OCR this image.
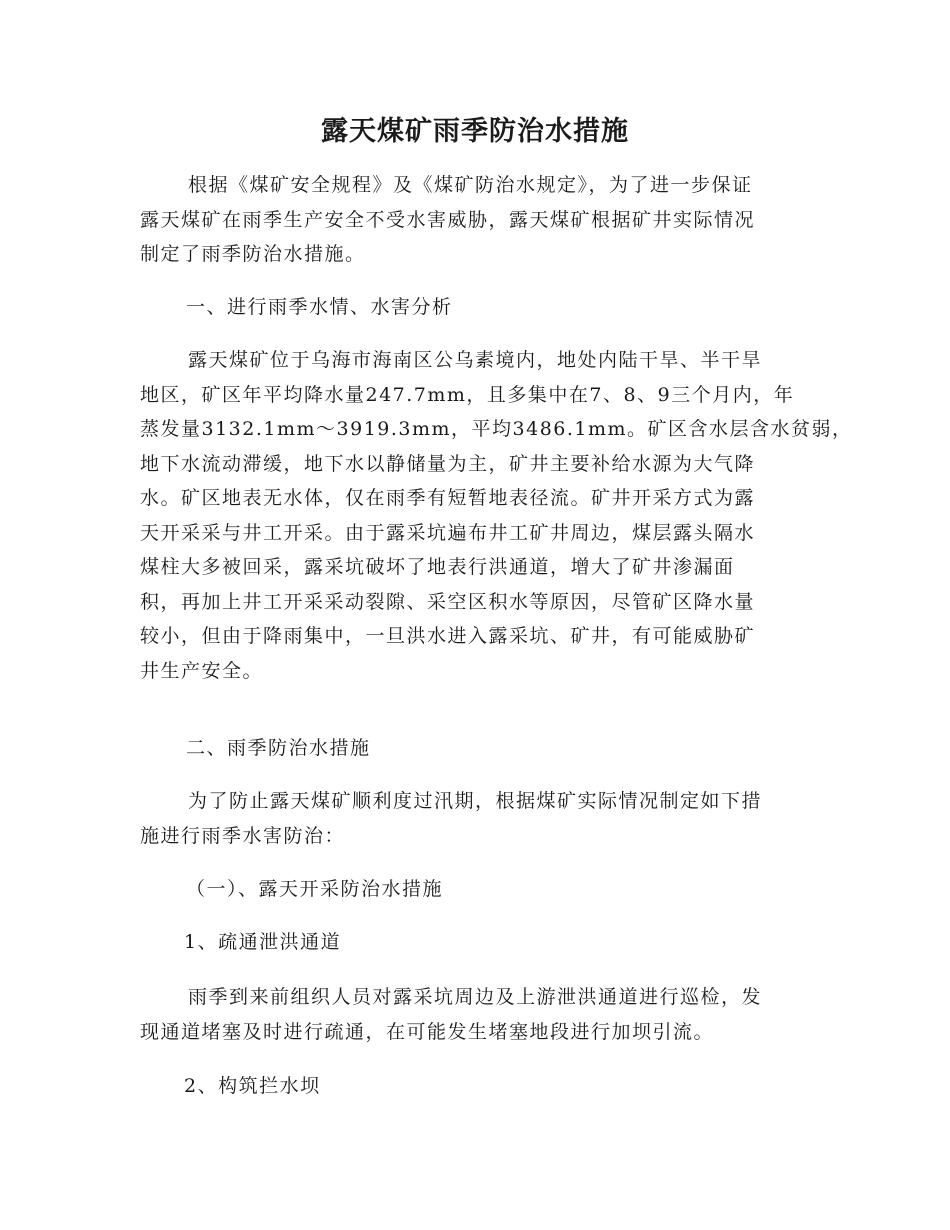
露天煤矿雨季防治水措施
根据《煤矿安全规程》及《煤矿防治水规定》，为了进一步保证
露天煤矿在雨季生产安全不受水害威胁，露天煤矿根据矿井实际情况
制定了雨季防治水措施。
一、进行雨季水情、水害分析
露天煤矿位于乌海市海南区公乌素境内，地处内陆干旱、半干旱
地区，矿区年平均降水量247.7mm，且多集中在7、8、9三个月内，年
蒸发量3132.1mm～3919.3mm，平均3486.1mm。矿区含水层含水贫弱，
地下水流动滞缓，地下水以静储量为主，矿井主要补给水源为大气降
水。矿区地表无水体，仅在雨季有短暂地表径流。矿井开采方式为露
天开采采与井工开采。由于露采坑遍布井工矿井周边，煤层露头隔水
煤柱大多被回采，露采坑破坏了地表行洪通道，增大了矿井渗漏面
积，再加上井工开采采动裂隙、采空区积水等原因，尽管矿区降水量
较小，但由于降雨集中，一旦洪水进入露采坑、矿井，有可能威胁矿
井生产安全。
二、雨季防治水措施
为了防止露天煤矿顺利度过汛期，根据煤矿实际情况制定如下措
施进行雨季水害防治：
（一）、露天开采防治水措施
1、疏通泄洪通道
雨季到来前组织人员对露采坑周边及上游泄洪通道进行巡检，发
现通道堵塞及时进行疏通，在可能发生堵塞地段进行加坝引流。
2、构筑拦水坝
